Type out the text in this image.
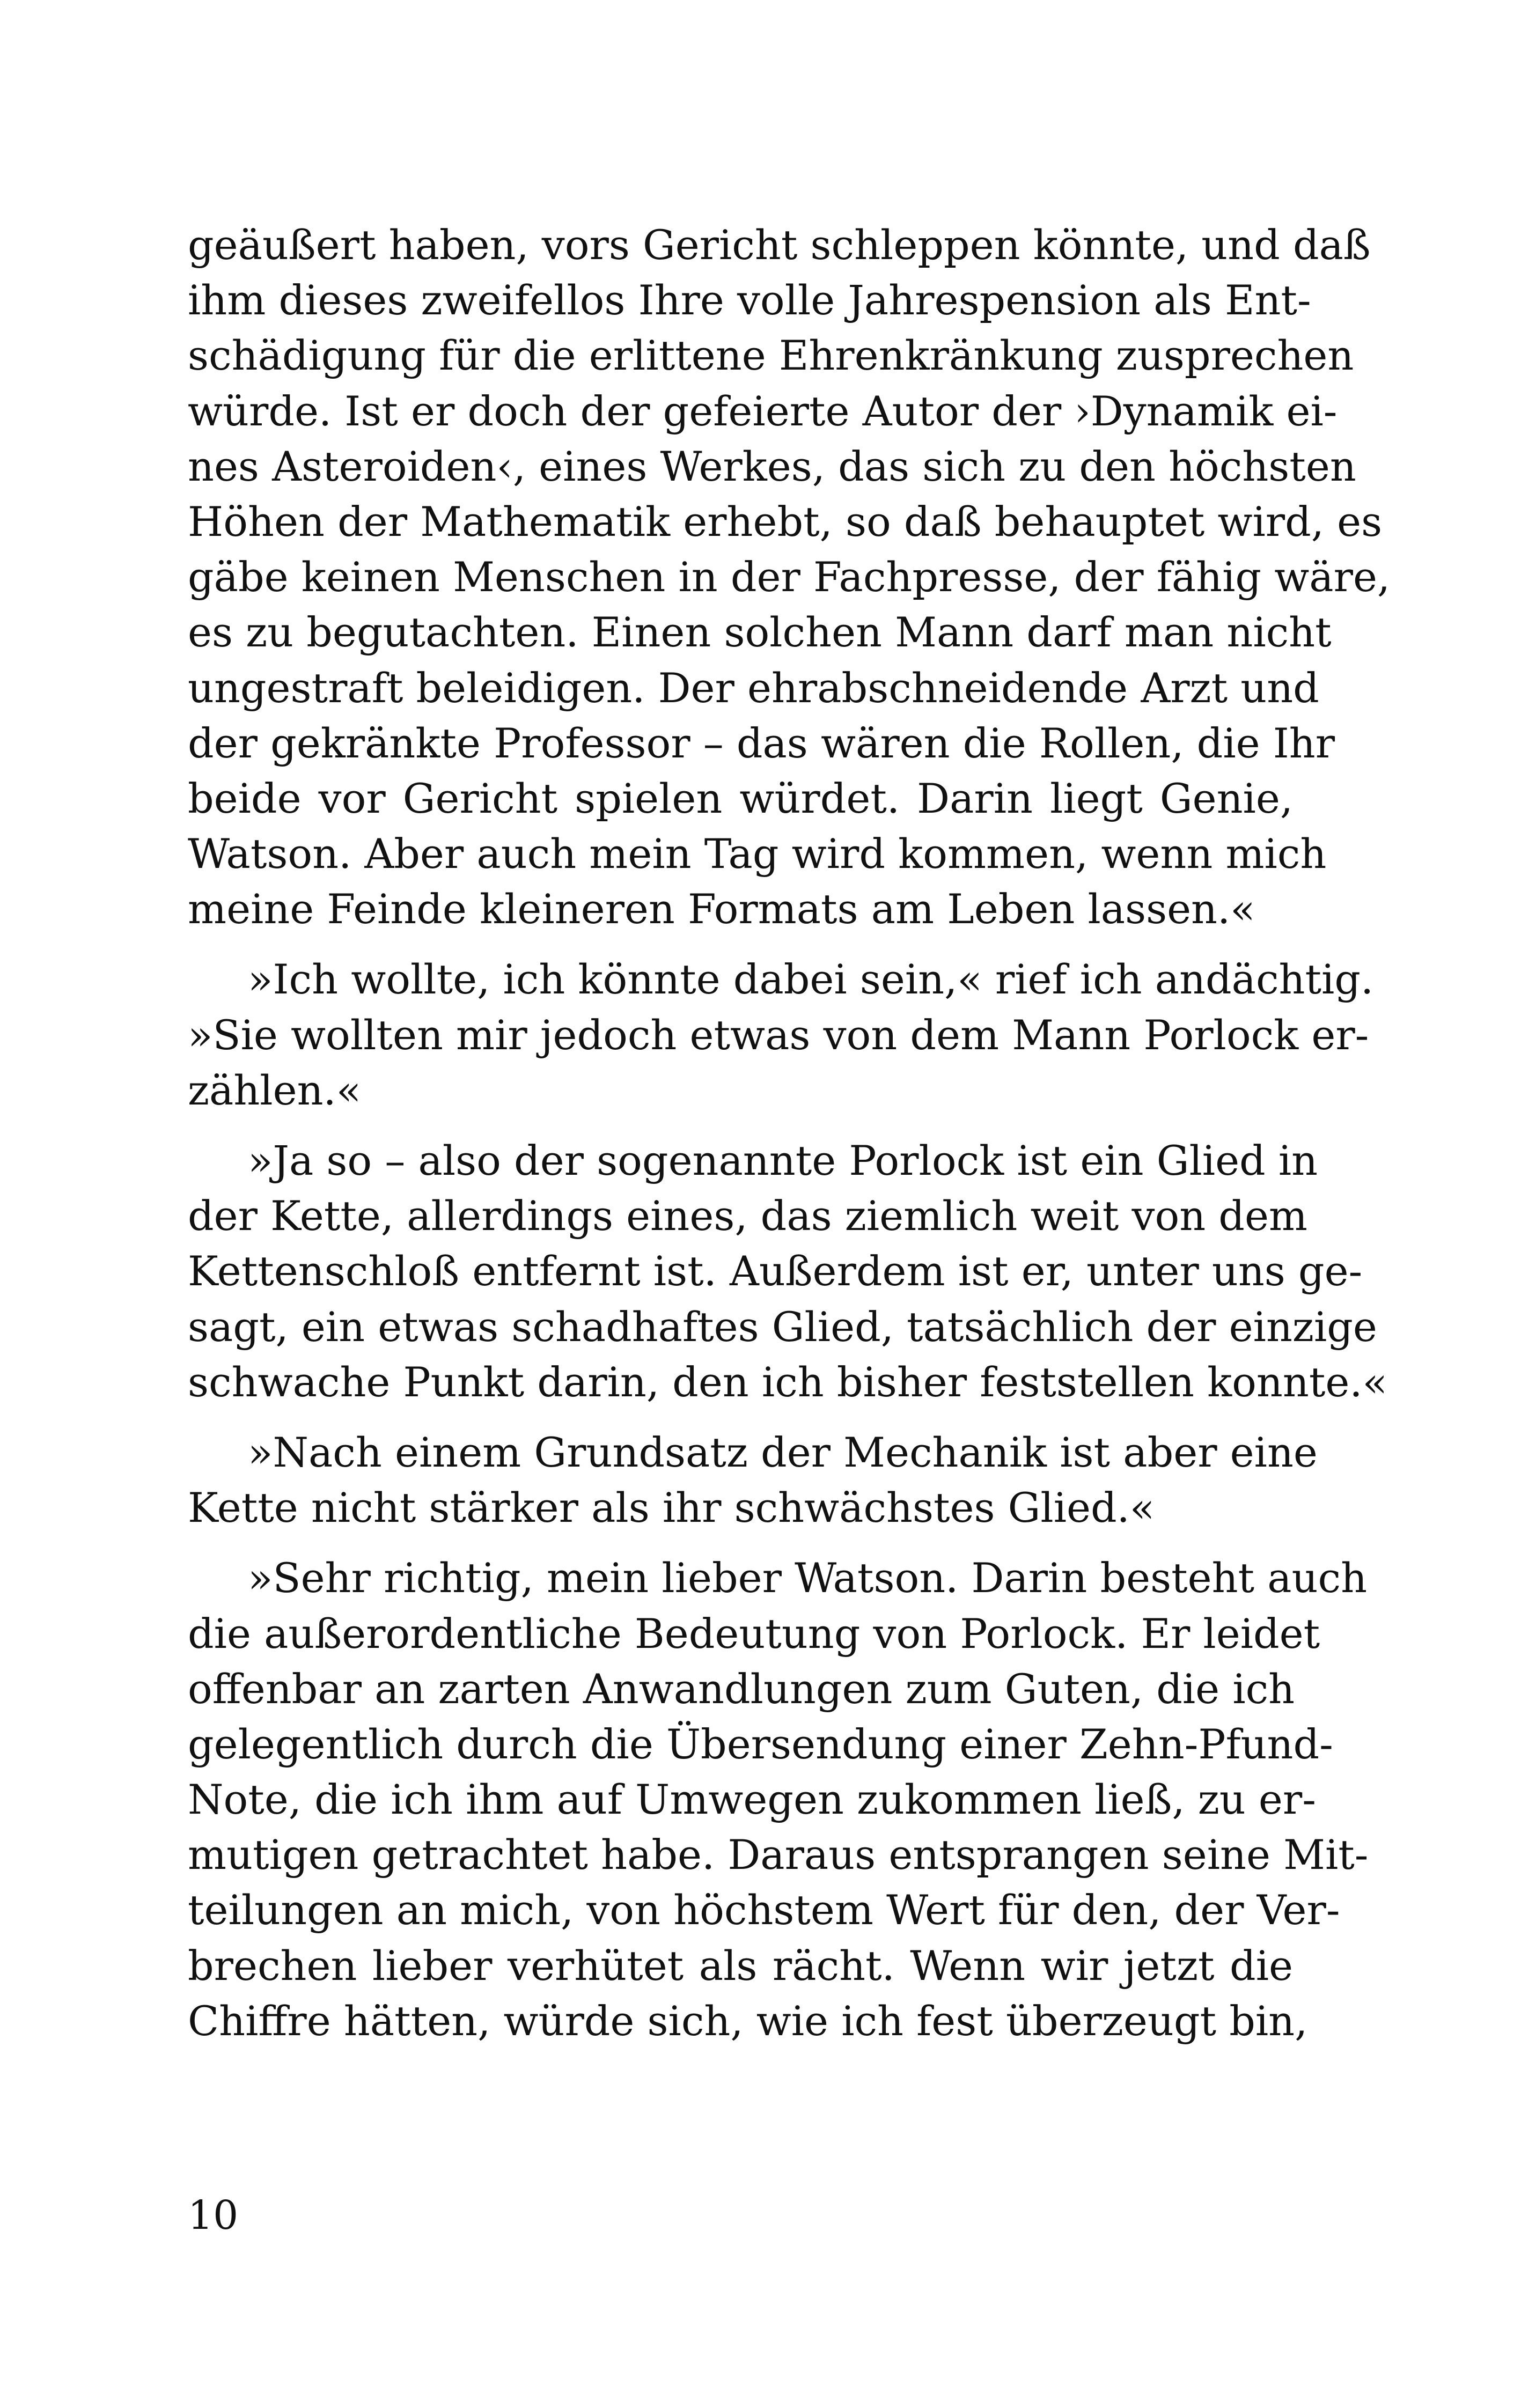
geäußert haben, vors Gericht schleppen könnte, und daß
ihm dieses zweifellos Ihre volle Jahrespension als Ent-
schädigung für die erlittene Ehrenkränkung zusprechen
würde. Ist er doch der gefeierte Autor der ›Dynamik ei-
nes Asteroiden‹, eines Werkes, das sich zu den höchsten
Höhen der Mathematik erhebt, so daß behauptet wird, es
gäbe keinen Menschen in der Fachpresse, der fähig wäre,
es zu begutachten. Einen solchen Mann darf man nicht
ungestraft beleidigen. Der ehrabschneidende Arzt und
der gekränkte Professor – das wären die Rollen, die Ihr
beide vor Gericht spielen würdet. Darin liegt Genie,
Watson. Aber auch mein Tag wird kommen, wenn mich
meine Feinde kleineren Formats am Leben lassen.«
»Ich wollte, ich könnte dabei sein,« rief ich andächtig.
»Sie wollten mir jedoch etwas von dem Mann Porlock er-
zählen.«
»Ja so – also der sogenannte Porlock ist ein Glied in
der Kette, allerdings eines, das ziemlich weit von dem
Kettenschloß entfernt ist. Außerdem ist er, unter uns ge-
sagt, ein etwas schadhaftes Glied, tatsächlich der einzige
schwache Punkt darin, den ich bisher feststellen konnte.«
»Nach einem Grundsatz der Mechanik ist aber eine
Kette nicht stärker als ihr schwächstes Glied.«
»Sehr richtig, mein lieber Watson. Darin besteht auch
die außerordentliche Bedeutung von Porlock. Er leidet
offenbar an zarten Anwandlungen zum Guten, die ich
gelegentlich durch die Übersendung einer Zehn-Pfund-
Note, die ich ihm auf Umwegen zukommen ließ, zu er-
mutigen getrachtet habe. Daraus entsprangen seine Mit-
teilungen an mich, von höchstem Wert für den, der Ver-
brechen lieber verhütet als rächt. Wenn wir jetzt die
Chiffre hätten, würde sich, wie ich fest überzeugt bin,
10
